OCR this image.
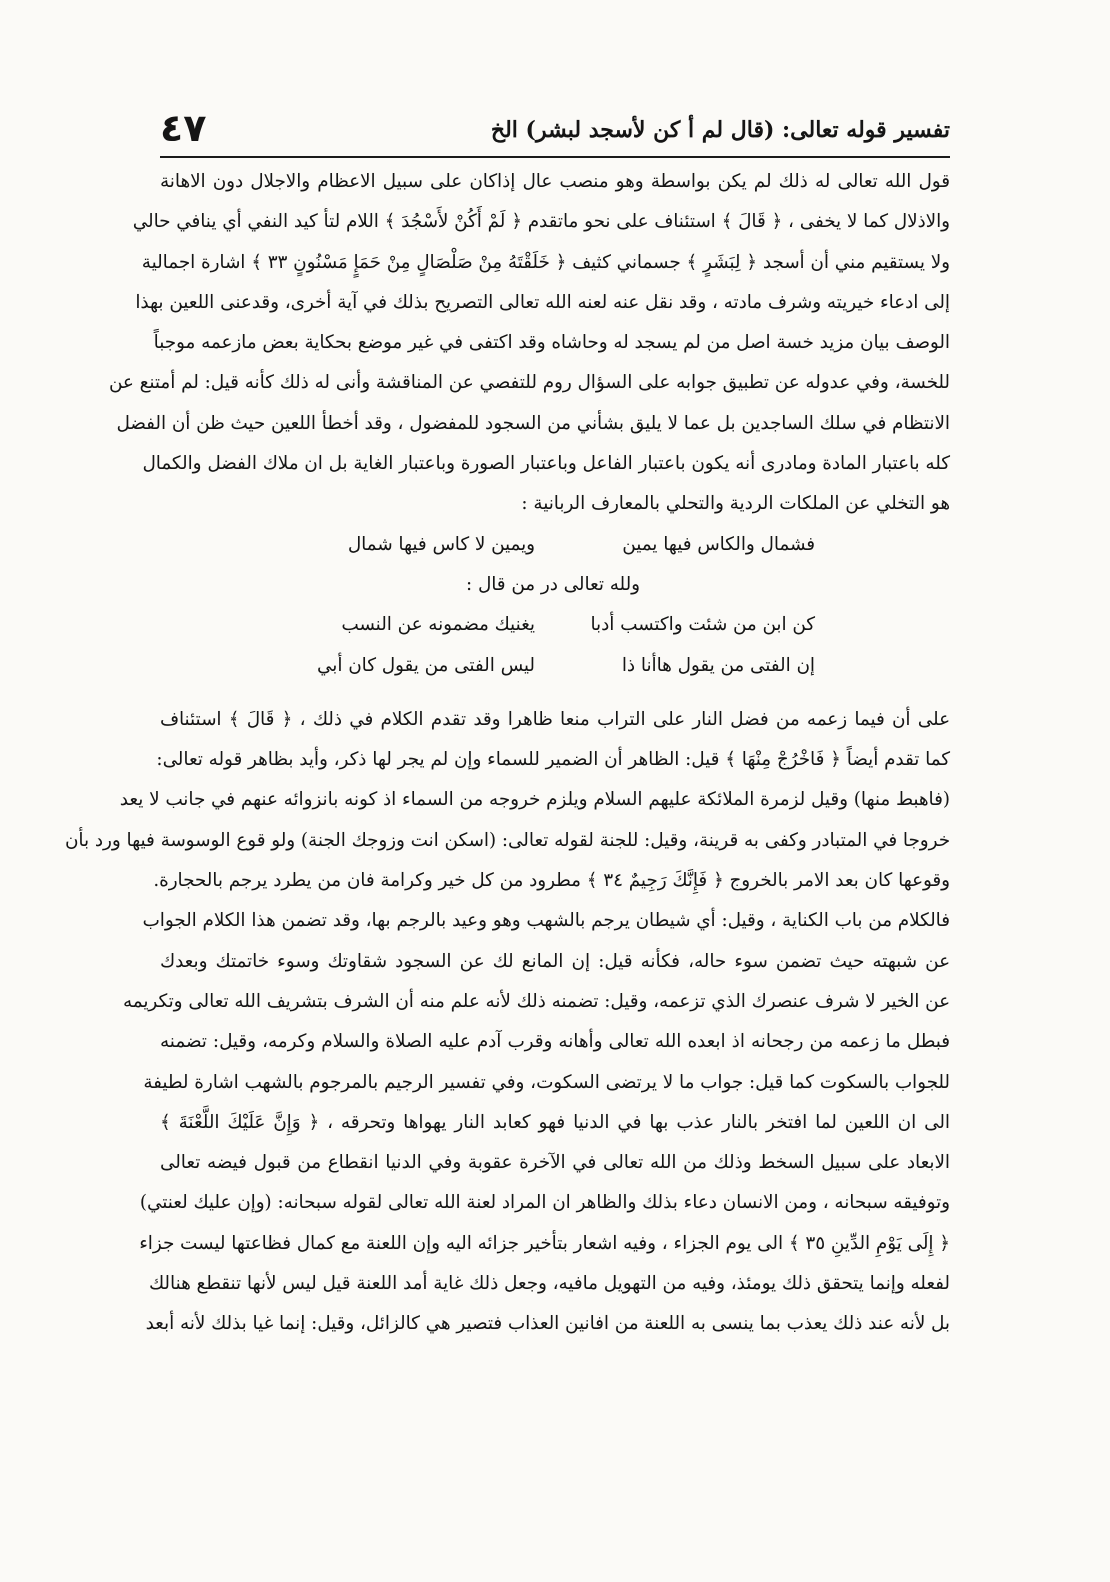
٤٧	تفسير قوله تعالى: (قال لم أ كن لأسجد لبشر) الخ
قول الله تعالى له ذلك لم يكن بواسطة وهو منصب عال إذاكان على سبيل الاعظام والاجلال دون الاهانة
والاذلال كما لا يخفى ، ﴿ قَالَ ﴾ استئناف على نحو ماتقدم ﴿ لَمْ أَكُنْ لأَسْجُدَ ﴾ اللام لتأ كيد النفي أي ينافي حالي
ولا يستقيم مني أن أسجد ﴿ لِبَشَرٍ ﴾ جسماني كثيف ﴿ خَلَقْتَهُ مِنْ صَلْصَالٍ مِنْ حَمَإٍ مَسْنُونٍ ٣٣ ﴾ اشارة اجمالية
إلى ادعاء خيريته وشرف مادته ، وقد نقل عنه لعنه الله تعالى التصريح بذلك في آية أخرى، وقدعنى اللعين بهذا
الوصف بيان مزيد خسة اصل من لم يسجد له وحاشاه وقد اكتفى في غير موضع بحكاية بعض مازعمه موجباً
للخسة، وفي عدوله عن تطبيق جوابه على السؤال روم للتفصي عن المناقشة وأنى له ذلك كأنه قيل: لم أمتنع عن
الانتظام في سلك الساجدين بل عما لا يليق بشأني من السجود للمفضول ، وقد أخطأ اللعين حيث ظن أن الفضل
كله باعتبار المادة ومادرى أنه يكون باعتبار الفاعل وباعتبار الصورة وباعتبار الغاية بل ان ملاك الفضل والكمال
هو التخلي عن الملكات الردية والتحلي بالمعارف الربانية :
فشمال والكاس فيها يمين
ويمين لا كاس فيها شمال
ولله تعالى در من قال :
كن ابن من شئت واكتسب أدبا
يغنيك مضمونه عن النسب
إن الفتى من يقول هاأنا ذا
ليس الفتى من يقول كان أبي
على أن فيما زعمه من فضل النار على التراب منعا ظاهرا وقد تقدم الكلام في ذلك ، ﴿ قَالَ ﴾ استئناف
كما تقدم أيضاً ﴿ فَاخْرُجْ مِنْهَا ﴾ قيل: الظاهر أن الضمير للسماء وإن لم يجر لها ذكر، وأيد بظاهر قوله تعالى:
(فاهبط منها) وقيل لزمرة الملائكة عليهم السلام ويلزم خروجه من السماء اذ كونه بانزوائه عنهم في جانب لا يعد
خروجا في المتبادر وكفى به قرينة، وقيل: للجنة لقوله تعالى: (اسكن انت وزوجك الجنة) ولو قوع الوسوسة فيها ورد بأن
وقوعها كان بعد الامر بالخروج ﴿ فَإِنَّكَ رَجِيمٌ ٣٤ ﴾ مطرود من كل خير وكرامة فان من يطرد يرجم بالحجارة.
فالكلام من باب الكناية ، وقيل: أي شيطان يرجم بالشهب وهو وعيد بالرجم بها، وقد تضمن هذا الكلام الجواب
عن شبهته حيث تضمن سوء حاله، فكأنه قيل: إن المانع لك عن السجود شقاوتك وسوء خاتمتك وبعدك
عن الخير لا شرف عنصرك الذي تزعمه، وقيل: تضمنه ذلك لأنه علم منه أن الشرف بتشريف الله تعالى وتكريمه
فبطل ما زعمه من رجحانه اذ ابعده الله تعالى وأهانه وقرب آدم عليه الصلاة والسلام وكرمه، وقيل: تضمنه
للجواب بالسكوت كما قيل: جواب ما لا يرتضى السكوت، وفي تفسير الرجيم بالمرجوم بالشهب اشارة لطيفة
الى ان اللعين لما افتخر بالنار عذب بها في الدنيا فهو كعابد النار يهواها وتحرقه ، ﴿ وَإِنَّ عَلَيْكَ اللَّعْنَةَ ﴾
الابعاد على سبيل السخط وذلك من الله تعالى في الآخرة عقوبة وفي الدنيا انقطاع من قبول فيضه تعالى
وتوفيقه سبحانه ، ومن الانسان دعاء بذلك والظاهر ان المراد لعنة الله تعالى لقوله سبحانه: (وإن عليك لعنتي)
﴿ إِلَى يَوْمِ الدِّينِ ٣٥ ﴾ الى يوم الجزاء ، وفيه اشعار بتأخير جزائه اليه وإن اللعنة مع كمال فظاعتها ليست جزاء
لفعله وإنما يتحقق ذلك يومئذ، وفيه من التهويل مافيه، وجعل ذلك غاية أمد اللعنة قيل ليس لأنها تنقطع هنالك
بل لأنه عند ذلك يعذب بما ينسى به اللعنة من افانين العذاب فتصير هي كالزائل، وقيل: إنما غيا بذلك لأنه أبعد
